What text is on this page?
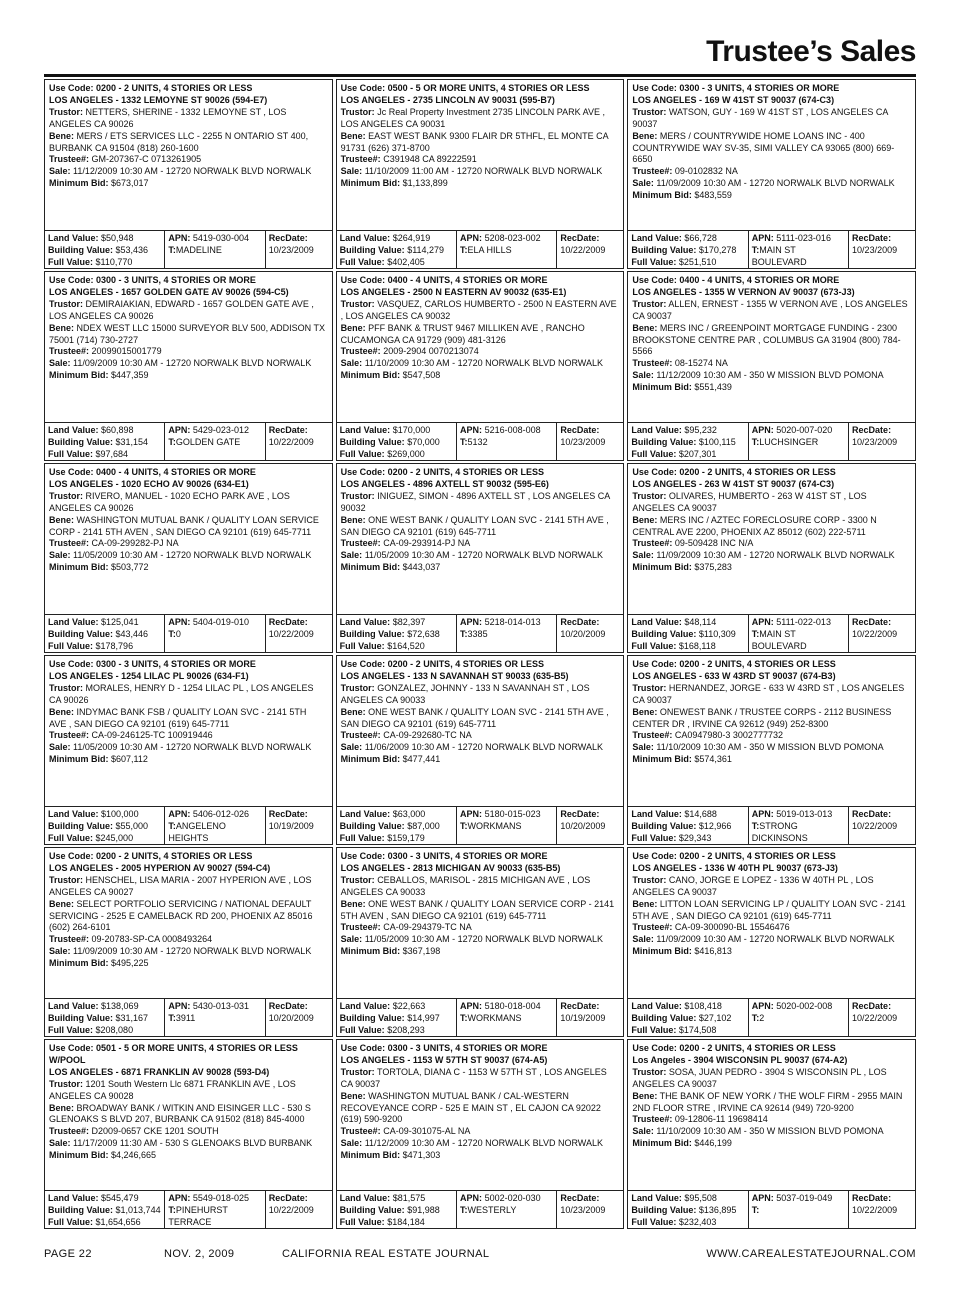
Trustee’s Sales
Use Code: 0200 - 2 UNITS, 4 STORIES OR LESS
LOS ANGELES - 1332 LEMOYNE ST 90026 (594-E7)
Trustor: NETTERS, SHERINE - 1332 LEMOYNE ST , LOS ANGELES CA 90026
Bene: MERS / ETS SERVICES LLC - 2255 N ONTARIO ST 400, BURBANK CA 91504 (818) 260-1600
Trustee#: GM-207367-C 0713261905
Sale: 11/12/2009 10:30 AM - 12720 NORWALK BLVD NORWALK
Minimum Bid: $673,017
Land Value: $50,948
Building Value: $53,436
Full Value: $110,770
APN: 5419-030-004
T:MADELINE
RecDate:
10/23/2009
Use Code: 0500 - 5 OR MORE UNITS, 4 STORIES OR LESS
LOS ANGELES - 2735 LINCOLN AV 90031 (595-B7)
Trustor: Jc Real Property Investment 2735 LINCOLN PARK AVE , LOS ANGELES CA 90031
Bene: EAST WEST BANK 9300 FLAIR DR 5THFL, EL MONTE CA 91731 (626) 371-8700
Trustee#: C391948 CA 89222591
Sale: 11/10/2009 11:00 AM - 12720 NORWALK BLVD NORWALK
Minimum Bid: $1,133,899
Land Value: $264,919
Building Value: $114,279
Full Value: $402,405
APN: 5208-023-002
T:ELA HILLS
RecDate:
10/22/2009
Use Code: 0300 - 3 UNITS, 4 STORIES OR MORE
LOS ANGELES - 169 W 41ST ST 90037 (674-C3)
Trustor: WATSON, GUY - 169 W 41ST ST , LOS ANGELES CA 90037
Bene: MERS / COUNTRYWIDE HOME LOANS INC - 400 COUNTRYWIDE WAY SV-35, SIMI VALLEY CA 93065 (800) 669-6650
Trustee#: 09-0102832 NA
Sale: 11/09/2009 10:30 AM - 12720 NORWALK BLVD NORWALK
Minimum Bid: $483,559
Land Value: $66,728
Building Value: $170,278
Full Value: $251,510
APN: 5111-023-016
T:MAIN ST BOULEVARD
RecDate:
10/23/2009
Use Code: 0300 - 3 UNITS, 4 STORIES OR MORE
LOS ANGELES - 1657 GOLDEN GATE AV 90026 (594-C5)
Trustor: DEMIRAIAKIAN, EDWARD - 1657 GOLDEN GATE AVE , LOS ANGELES CA 90026
Bene: NDEX WEST LLC 15000 SURVEYOR BLV 500, ADDISON TX 75001 (714) 730-2727
Trustee#: 20099015001779
Sale: 11/09/2009 10:30 AM - 12720 NORWALK BLVD NORWALK
Minimum Bid: $447,359
Land Value: $60,898
Building Value: $31,154
Full Value: $97,684
APN: 5429-023-012
T:GOLDEN GATE
RecDate:
10/22/2009
Use Code: 0400 - 4 UNITS, 4 STORIES OR MORE
LOS ANGELES - 2500 N EASTERN AV 90032 (635-E1)
Trustor: VASQUEZ, CARLOS HUMBERTO - 2500 N EASTERN AVE , LOS ANGELES CA 90032
Bene: PFF BANK & TRUST 9467 MILLIKEN AVE , RANCHO CUCAMONGA CA 91729 (909) 481-3126
Trustee#: 2009-2904 0070213074
Sale: 11/10/2009 10:30 AM - 12720 NORWALK BLVD NORWALK
Minimum Bid: $547,508
Land Value: $170,000
Building Value: $70,000
Full Value: $269,000
APN: 5216-008-008
T:5132
RecDate:
10/23/2009
Use Code: 0400 - 4 UNITS, 4 STORIES OR MORE
LOS ANGELES - 1355 W VERNON AV 90037 (673-J3)
Trustor: ALLEN, ERNEST - 1355 W VERNON AVE , LOS ANGELES CA 90037
Bene: MERS INC / GREENPOINT MORTGAGE FUNDING - 2300 BROOKSTONE CENTRE PAR , COLUMBUS GA 31904 (800) 784-5566
Trustee#: 08-15274 NA
Sale: 11/12/2009 10:30 AM - 350 W MISSION BLVD POMONA
Minimum Bid: $551,439
Land Value: $95,232
Building Value: $100,115
Full Value: $207,301
APN: 5020-007-020
T:LUCHSINGER
RecDate:
10/23/2009
Use Code: 0400 - 4 UNITS, 4 STORIES OR MORE
LOS ANGELES - 1020 ECHO AV 90026 (634-E1)
Trustor: RIVERO, MANUEL - 1020 ECHO PARK AVE , LOS ANGELES CA 90026
Bene: WASHINGTON MUTUAL BANK / QUALITY LOAN SERVICE CORP - 2141 5TH AVEN , SAN DIEGO CA 92101 (619) 645-7711
Trustee#: CA-09-299282-PJ NA
Sale: 11/05/2009 10:30 AM - 12720 NORWALK BLVD NORWALK
Minimum Bid: $503,772
Land Value: $125,041
Building Value: $43,446
Full Value: $178,796
APN: 5404-019-010
T:0
RecDate:
10/22/2009
Use Code: 0200 - 2 UNITS, 4 STORIES OR LESS
LOS ANGELES - 4896 AXTELL ST 90032 (595-E6)
Trustor: INIGUEZ, SIMON - 4896 AXTELL ST , LOS ANGELES CA 90032
Bene: ONE WEST BANK / QUALITY LOAN SVC - 2141 5TH AVE , SAN DIEGO CA 92101 (619) 645-7711
Trustee#: CA-09-293914-PJ NA
Sale: 11/05/2009 10:30 AM - 12720 NORWALK BLVD NORWALK
Minimum Bid: $443,037
Land Value: $82,397
Building Value: $72,638
Full Value: $164,520
APN: 5218-014-013
T:3385
RecDate:
10/20/2009
Use Code: 0200 - 2 UNITS, 4 STORIES OR LESS
LOS ANGELES - 263 W 41ST ST 90037 (674-C3)
Trustor: OLIVARES, HUMBERTO - 263 W 41ST ST , LOS ANGELES CA 90037
Bene: MERS INC / AZTEC FORECLOSURE CORP - 3300 N CENTRAL AVE 2200, PHOENIX AZ 85012 (602) 222-5711
Trustee#: 09-509428 INC N/A
Sale: 11/09/2009 10:30 AM - 12720 NORWALK BLVD NORWALK
Minimum Bid: $375,283
Land Value: $48,114
Building Value: $110,309
Full Value: $168,118
APN: 5111-022-013
T:MAIN ST BOULEVARD
RecDate:
10/22/2009
Use Code: 0300 - 3 UNITS, 4 STORIES OR MORE
LOS ANGELES - 1254 LILAC PL 90026 (634-F1)
Trustor: MORALES, HENRY D - 1254 LILAC PL , LOS ANGELES CA 90026
Bene: INDYMAC BANK FSB / QUALITY LOAN SVC - 2141 5TH AVE , SAN DIEGO CA 92101 (619) 645-7711
Trustee#: CA-09-246125-TC 100919446
Sale: 11/05/2009 10:30 AM - 12720 NORWALK BLVD NORWALK
Minimum Bid: $607,112
Land Value: $100,000
Building Value: $55,000
Full Value: $245,000
APN: 5406-012-026
T:ANGELENO HEIGHTS
RecDate:
10/19/2009
Use Code: 0200 - 2 UNITS, 4 STORIES OR LESS
LOS ANGELES - 133 N SAVANNAH ST 90033 (635-B5)
Trustor: GONZALEZ, JOHNNY - 133 N SAVANNAH ST , LOS ANGELES CA 90033
Bene: ONE WEST BANK / QUALITY LOAN SVC - 2141 5TH AVE , SAN DIEGO CA 92101 (619) 645-7711
Trustee#: CA-09-292680-TC NA
Sale: 11/06/2009 10:30 AM - 12720 NORWALK BLVD NORWALK
Minimum Bid: $477,441
Land Value: $63,000
Building Value: $87,000
Full Value: $159,179
APN: 5180-015-023
T:WORKMANS
RecDate:
10/20/2009
Use Code: 0200 - 2 UNITS, 4 STORIES OR LESS
LOS ANGELES - 633 W 43RD ST 90037 (674-B3)
Trustor: HERNANDEZ, JORGE - 633 W 43RD ST , LOS ANGELES CA 90037
Bene: ONEWEST BANK / TRUSTEE CORPS - 2112 BUSINESS CENTER DR , IRVINE CA 92612 (949) 252-8300
Trustee#: CA0947980-3 3002777732
Sale: 11/10/2009 10:30 AM - 350 W MISSION BLVD POMONA
Minimum Bid: $574,361
Land Value: $14,688
Building Value: $12,966
Full Value: $29,343
APN: 5019-013-013
T:STRONG DICKINSONS
RecDate:
10/22/2009
Use Code: 0200 - 2 UNITS, 4 STORIES OR LESS
LOS ANGELES - 2005 HYPERION AV 90027 (594-C4)
Trustor: HENSCHEL, LISA MARIA - 2007 HYPERION AVE , LOS ANGELES CA 90027
Bene: SELECT PORTFOLIO SERVICING / NATIONAL DEFAULT SERVICING - 2525 E CAMELBACK RD 200, PHOENIX AZ 85016 (602) 264-6101
Trustee#: 09-20783-SP-CA 0008493264
Sale: 11/09/2009 10:30 AM - 12720 NORWALK BLVD NORWALK
Minimum Bid: $495,225
Land Value: $138,069
Building Value: $31,167
Full Value: $208,080
APN: 5430-013-031
T:3911
RecDate:
10/20/2009
Use Code: 0300 - 3 UNITS, 4 STORIES OR MORE
LOS ANGELES - 2813 MICHIGAN AV 90033 (635-B5)
Trustor: CEBALLOS, MARISOL - 2815 MICHIGAN AVE , LOS ANGELES CA 90033
Bene: ONE WEST BANK / QUALITY LOAN SERVICE CORP - 2141 5TH AVEN , SAN DIEGO CA 92101 (619) 645-7711
Trustee#: CA-09-294379-TC NA
Sale: 11/05/2009 10:30 AM - 12720 NORWALK BLVD NORWALK
Minimum Bid: $367,198
Land Value: $22,663
Building Value: $14,997
Full Value: $208,293
APN: 5180-018-004
T:WORKMANS
RecDate:
10/19/2009
Use Code: 0200 - 2 UNITS, 4 STORIES OR LESS
LOS ANGELES - 1336 W 40TH PL 90037 (673-J3)
Trustor: CANO, JORGE E LOPEZ - 1336 W 40TH PL , LOS ANGELES CA 90037
Bene: LITTON LOAN SERVICING LP / QUALITY LOAN SVC - 2141 5TH AVE , SAN DIEGO CA 92101 (619) 645-7711
Trustee#: CA-09-300090-BL 15546476
Sale: 11/09/2009 10:30 AM - 12720 NORWALK BLVD NORWALK
Minimum Bid: $416,813
Land Value: $108,418
Building Value: $27,102
Full Value: $174,508
APN: 5020-002-008
T:2
RecDate:
10/22/2009
Use Code: 0501 - 5 OR MORE UNITS, 4 STORIES OR LESS W/POOL
LOS ANGELES - 6871 FRANKLIN AV 90028 (593-D4)
Trustor: 1201 South Western Llc 6871 FRANKLIN AVE , LOS ANGELES CA 90028
Bene: BROADWAY BANK / WITKIN AND EISINGER LLC - 530 S GLENOAKS S BLVD 207, BURBANK CA 91502 (818) 845-4000
Trustee#: D2009-0657 CKE 1201 SOUTH
Sale: 11/17/2009 11:30 AM - 530 S GLENOAKS BLVD BURBANK
Minimum Bid: $4,246,665
Land Value: $545,479
Building Value: $1,013,744
Full Value: $1,654,656
APN: 5549-018-025
T:PINEHURST TERRACE
RecDate:
10/22/2009
Use Code: 0300 - 3 UNITS, 4 STORIES OR MORE
LOS ANGELES - 1153 W 57TH ST 90037 (674-A5)
Trustor: TORTOLA, DIANA C - 1153 W 57TH ST , LOS ANGELES CA 90037
Bene: WASHINGTON MUTUAL BANK / CAL-WESTERN RECOVEYANCE CORP - 525 E MAIN ST , EL CAJON CA 92022 (619) 590-9200
Trustee#: CA-09-301075-AL NA
Sale: 11/12/2009 10:30 AM - 12720 NORWALK BLVD NORWALK
Minimum Bid: $471,303
Land Value: $81,575
Building Value: $91,988
Full Value: $184,184
APN: 5002-020-030
T:WESTERLY
RecDate:
10/23/2009
Use Code: 0200 - 2 UNITS, 4 STORIES OR LESS
Los Angeles - 3904 WISCONSIN PL 90037 (674-A2)
Trustor: SOSA, JUAN PEDRO - 3904 S WISCONSIN PL , LOS ANGELES CA 90037
Bene: THE BANK OF NEW YORK / THE WOLF FIRM - 2955 MAIN 2ND FLOOR STRE , IRVINE CA 92614 (949) 720-9200
Trustee#: 09-12806-11 19698414
Sale: 11/10/2009 10:30 AM - 350 W MISSION BLVD POMONA
Minimum Bid: $446,199
Land Value: $95,508
Building Value: $136,895
Full Value: $232,403
APN: 5037-019-049
T:
RecDate:
10/22/2009
PAGE 22	NOV. 2, 2009	CALIFORNIA REAL ESTATE JOURNAL	WWW.CAREALESTATEJOURNAL.COM
